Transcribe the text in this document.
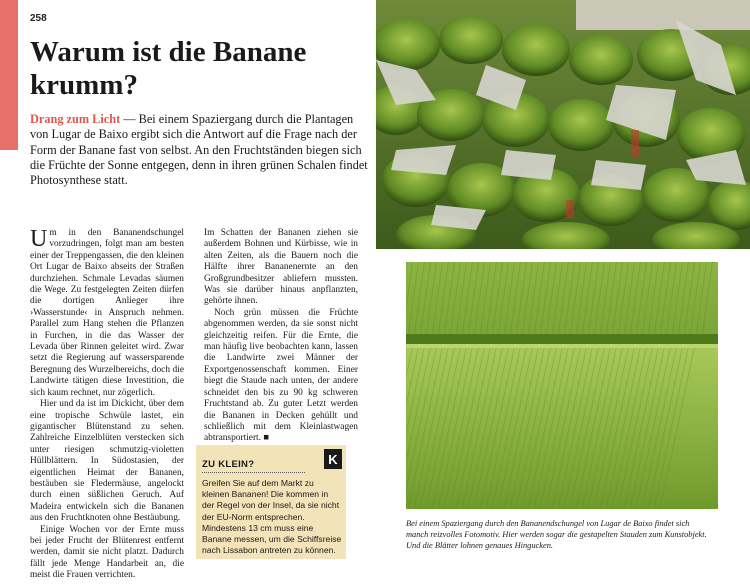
258
Warum ist die Banane
krumm?

Drang zum Licht — Bei einem Spaziergang durch die Plantagen von Lugar de Baixo ergibt sich die Antwort auf die Frage nach der Form der Banane fast von selbst. An den Fruchtständen biegen sich die Früchte der Sonne entgegen, denn in ihren grünen Schalen findet Photosynthese statt.

Um in den Bananendschungel vorzudringen, folgt man am besten einer der Treppengassen, die den kleinen Ort Lugar de Baixo abseits der Straßen durchziehen. Schmale Levadas säumen die Wege. Zu festgelegten Zeiten dürfen die dortigen Anlieger ihre ›Wasserstunde‹ in Anspruch nehmen. Parallel zum Hang stehen die Pflanzen in Furchen, in die das Wasser der Levada über Rinnen geleitet wird. Zwar setzt die Regierung auf wassersparende Beregnung des Wurzelbereichs, doch die Landwirte tätigen diese Investition, die sich kaum rechnet, nur zögerlich.

Hier und da ist im Dickicht, über dem eine tropische Schwüle lastet, ein gigantischer Blütenstand zu sehen. Zahlreiche Einzelblüten verstecken sich unter riesigen schmutzig-violetten Hüllblättern. In Südostasien, der eigentlichen Heimat der Bananen, bestäuben sie Fledermäuse, angelockt durch einen süßlichen Geruch. Auf Madeira entwickeln sich die Bananen aus den Fruchtknoten ohne Bestäubung.

Einige Wochen vor der Ernte muss bei jeder Frucht der Blütenrest entfernt werden, damit sie nicht platzt. Dadurch fällt jede Menge Handarbeit an, die meist die Frauen verrichten.

Im Schatten der Bananen ziehen sie außerdem Bohnen und Kürbisse, wie in alten Zeiten, als die Bauern noch die Hälfte ihrer Bananenernte an den Großgrundbesitzer abliefern mussten. Was sie darüber hinaus anpflanzten, gehörte ihnen.

Noch grün müssen die Früchte abgenommen werden, da sie sonst nicht gleichzeitig reifen. Für die Ernte, die man häufig live beobachten kann, lassen die Landwirte zwei Männer der Exportgenossenschaft kommen. Einer biegt die Staude nach unten, der andere schneidet den bis zu 90 kg schweren Fruchtstand ab. Zu guter Letzt werden die Bananen in Decken gehüllt und schließlich mit dem Kleinlastwagen abtransportiert. ■

ZU KLEIN?	K
Greifen Sie auf dem Markt zu kleinen Bananen! Die kommen in der Regel von der Insel, da sie nicht der EU-Norm entsprechen. Mindestens 13 cm muss eine Banane messen, um die Schiffsreise nach Lissabon antreten zu können.

Bei einem Spaziergang durch den Bananendschungel von Lugar de Baixo findet sich manch reizvolles Fotomotiv. Hier werden sogar die gestapelten Stauden zum Kunstobjekt. Und die Blätter lohnen genaues Hingucken.
